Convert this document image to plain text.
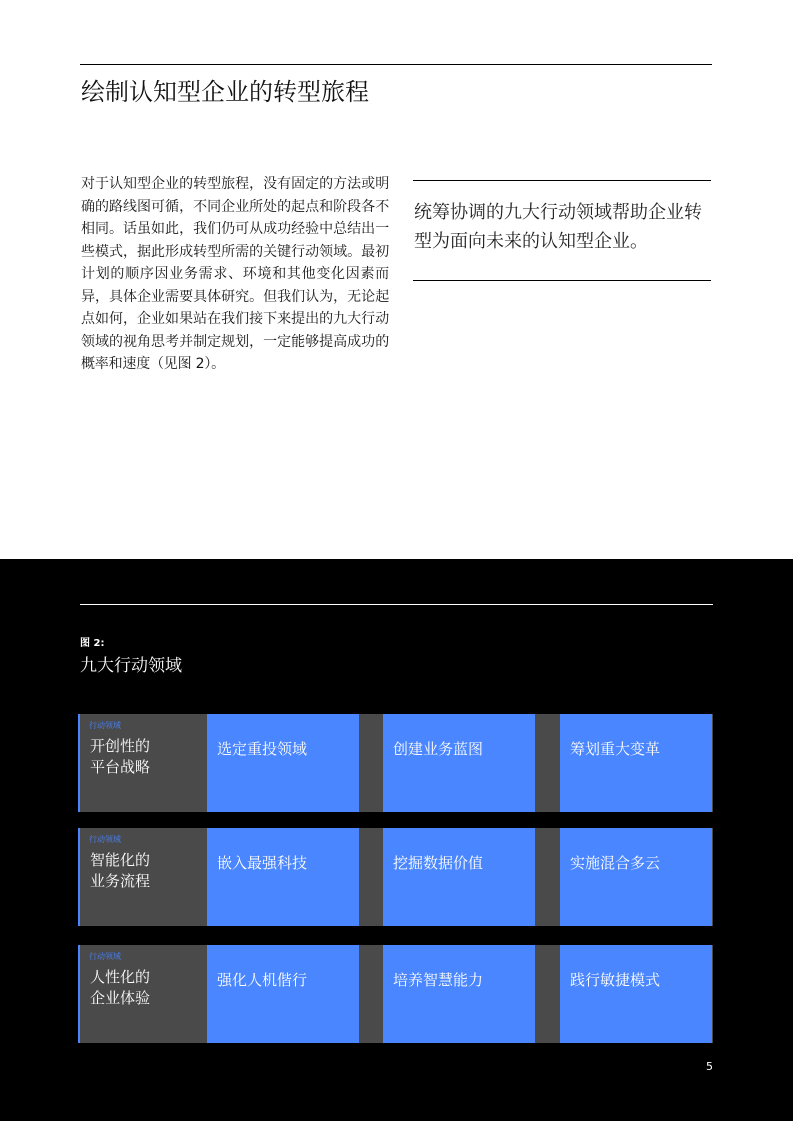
绘制认知型企业的转型旅程

对于认知型企业的转型旅程，没有固定的方法或明确的路线图可循，不同企业所处的起点和阶段各不相同。话虽如此，我们仍可从成功经验中总结出一些模式，据此形成转型所需的关键行动领域。最初计划的顺序因业务需求、环境和其他变化因素而异，具体企业需要具体研究。但我们认为，无论起点如何，企业如果站在我们接下来提出的九大行动领域的视角思考并制定规划，一定能够提高成功的概率和速度（见图 2）。

统筹协调的九大行动领域帮助企业转型为面向未来的认知型企业。

图 2:
九大行动领域
行动领域
开创性的
平台战略
选定重投领域	创建业务蓝图	筹划重大变革
行动领域
智能化的
业务流程
嵌入最强科技	挖掘数据价值	实施混合多云
行动领域
人性化的
企业体验
强化人机偕行	培养智慧能力	践行敏捷模式
5
